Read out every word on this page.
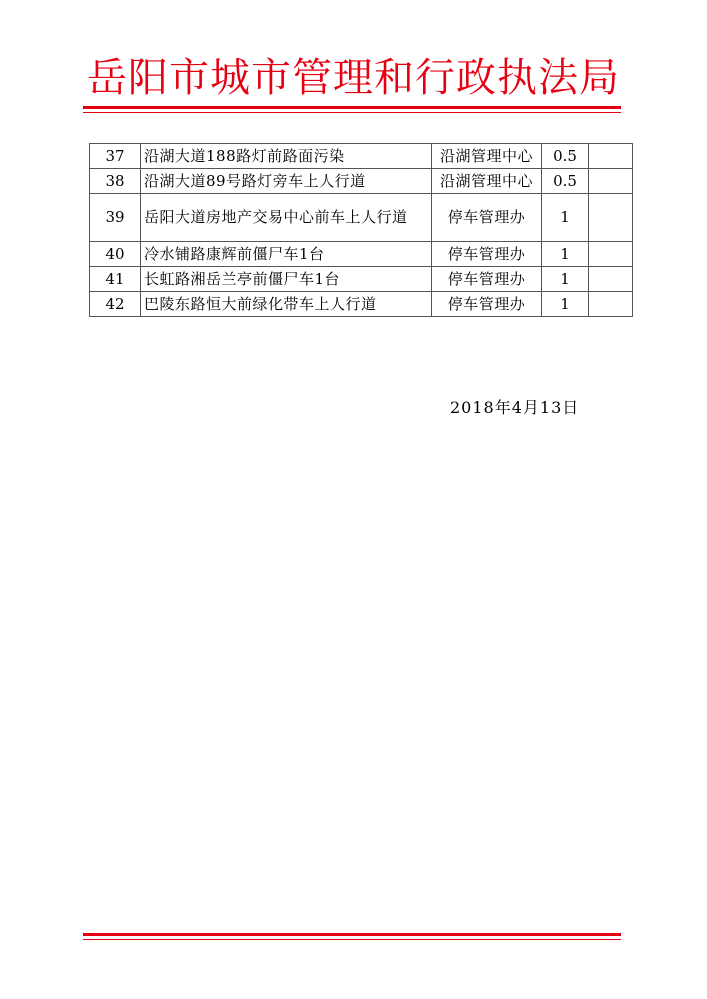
岳阳市城市管理和行政执法局
37	沿湖大道188路灯前路面污染	沿湖管理中心	0.5	
38	沿湖大道89号路灯旁车上人行道	沿湖管理中心	0.5	
39	岳阳大道房地产交易中心前车上人行道	停车管理办	1	
40	冷水铺路康辉前僵尸车1台	停车管理办	1	
41	长虹路湘岳兰亭前僵尸车1台	停车管理办	1	
42	巴陵东路恒大前绿化带车上人行道	停车管理办	1	
2018年4月13日
